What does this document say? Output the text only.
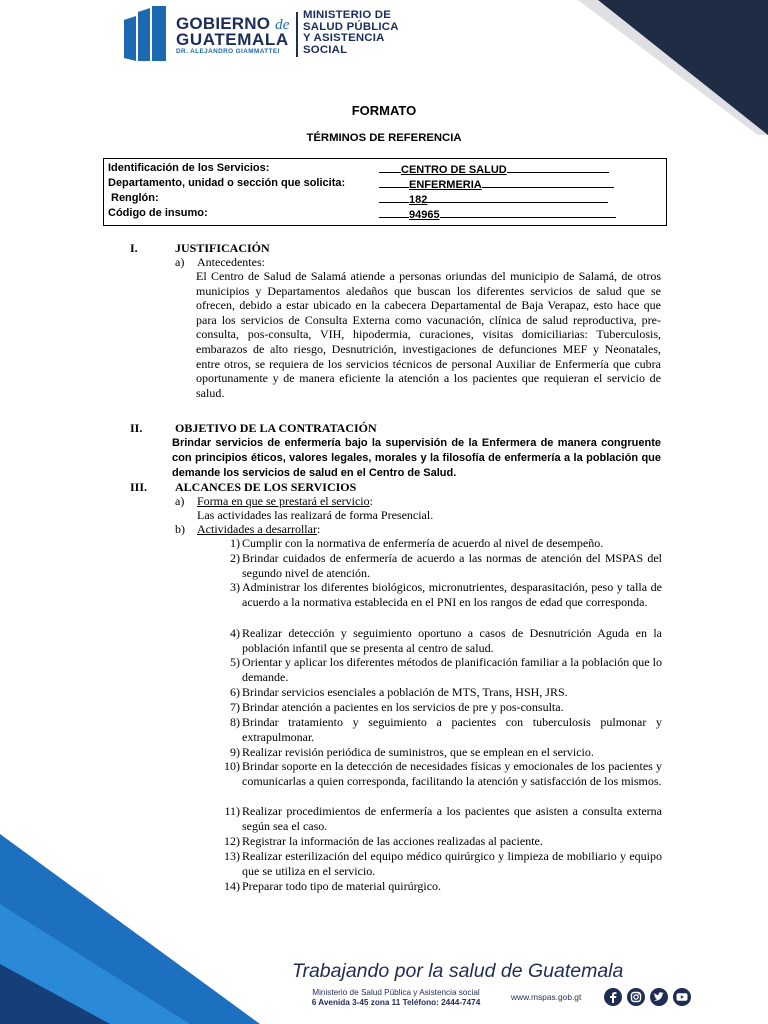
GOBIERNO de
GUATEMALA
DR. ALEJANDRO GIAMMATTEI
MINISTERIO DE
SALUD PÚBLICA
Y ASISTENCIA
SOCIAL
FORMATO
TÉRMINOS DE REFERENCIA
Identificación de los Servicios:	CENTRO DE SALUD
Departamento, unidad o sección que solicita:	ENFERMERIA
Renglón:	182
Código de insumo:	94965
I.	JUSTIFICACIÓN
a) Antecedentes:
El Centro de Salud de Salamá atiende a personas oriundas del municipio de Salamá, de otros municipios y Departamentos aledaños que buscan los diferentes servicios de salud que se ofrecen, debido a estar ubicado en la cabecera Departamental de Baja Verapaz, esto hace que para los servicios de Consulta Externa como vacunación, clínica de salud reproductiva, pre-consulta, pos-consulta, VIH, hipodermia, curaciones, visitas domiciliarias: Tuberculosis, embarazos de alto riesgo, Desnutrición, investigaciones de defunciones MEF y Neonatales, entre otros, se requiera de los servicios técnicos de personal Auxiliar de Enfermería que cubra oportunamente y de manera eficiente la atención a los pacientes que requieran el servicio de salud.
II.	OBJETIVO DE LA CONTRATACIÓN
Brindar servicios de enfermería bajo la supervisión de la Enfermera de manera congruente con principios éticos, valores legales, morales y la filosofía de enfermería a la población que demande los servicios de salud en el Centro de Salud.
III. ALCANCES DE LOS SERVICIOS
a) Forma en que se prestará el servicio:
Las actividades las realizará de forma Presencial.
b) Actividades a desarrollar:
1) Cumplir con la normativa de enfermería de acuerdo al nivel de desempeño.
2) Brindar cuidados de enfermería de acuerdo a las normas de atención del MSPAS del segundo nivel de atención.
3) Administrar los diferentes biológicos, micronutrientes, desparasitación, peso y talla de acuerdo a la normativa establecida en el PNI en los rangos de edad que corresponda.
4) Realizar detección y seguimiento oportuno a casos de Desnutrición Aguda en la población infantil que se presenta al centro de salud.
5) Orientar y aplicar los diferentes métodos de planificación familiar a la población que lo demande.
6) Brindar servicios esenciales a población de MTS, Trans, HSH, JRS.
7) Brindar atención a pacientes en los servicios de pre y pos-consulta.
8) Brindar tratamiento y seguimiento a pacientes con tuberculosis pulmonar y extrapulmonar.
9) Realizar revisión periódica de suministros, que se emplean en el servicio.
10) Brindar soporte en la detección de necesidades físicas y emocionales de los pacientes y comunicarlas a quien corresponda, facilitando la atención y satisfacción de los mismos.
11) Realizar procedimientos de enfermería a los pacientes que asisten a consulta externa según sea el caso.
12) Registrar la información de las acciones realizadas al paciente.
13) Realizar esterilización del equipo médico quirúrgico y limpieza de mobiliario y equipo que se utiliza en el servicio.
14) Preparar todo tipo de material quirúrgico.
Trabajando por la salud de Guatemala
Ministerio de Salud Pública y Asistencia social
6 Avenida 3-45 zona 11 Teléfono: 2444-7474
www.mspas.gob.gt
